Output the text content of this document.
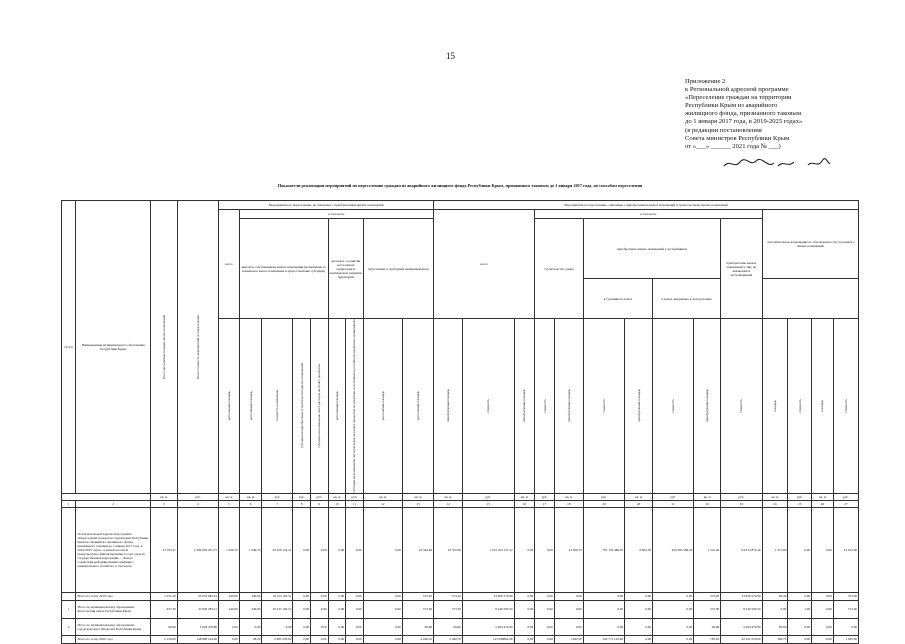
15
Приложение 2
к Региональной адресной программе
«Переселение граждан на территории
Республики Крым из аварийного
жилищного фонда, признанного таковым
до 1 января 2017 года, в 2019-2025 годах»
(в редакции постановления
Совета министров Республики Крым
от «___» ______ 2021 года № ___)
Показатели реализации мероприятий по переселению граждан из аварийного жилищного фонда Республики Крым, признанного таковым до 1 января 2017 года, по способам переселения
№ п/п	Наименование муниципального образования Республики Крым	Всего расселяемая площадь жилых помещений	Всего стоимость мероприятий по переселению	Мероприятия по переселению, не связанные с приобретением жилых помещений									Мероприятия по переселению, связанные с приобретением жилых помещений (строительством) жилых помещений													
				всего	в том числе								всего			в том числе							дополнительное возмещение не обеспеченное (построенных) жилых помещений			
					выплаты собственникам жилых помещений (возмещение за изымаемое жилое помещение и предоставление субсидий)				договоры о развитии застроенной территории и комплексном развитии территорий		переселение в свободный жилищный фонд					строительство домов		приобретение жилых помещений у застройщиков				приобретение жилых помещений у лиц, не являющихся застройщиками				
																		в строящихся домах		в домах, введенных в эксплуатацию						

				расселяемая площадь	расселяемая площадь	стоимость возмещения	субсидии на приобретение (строительство) жилых помещений	субсидии на возмещение части расходов на уплату процентов	расселяемая площадь	субсидии на возмещение части расходов на уплату процентов по кредитам, полученным в российских кредитных организациях	расселяемая площадь	расселяемая площадь	приобретаемая площадь	стоимость	приобретаемая площадь	стоимость	приобретаемая площадь	стоимость	приобретаемая площадь	стоимость	приобретаемая площадь	стоимость	площадь	стоимость	площадь	стоимость

		кв. м	руб.	кв. м	кв. м	руб.	руб.	руб.	кв. м	руб.	кв. м	кв. м	кв. м	руб.	кв. м	руб.	кв. м	руб.	кв. м	руб.	кв. м	руб.	кв. м	руб.	кв. м	руб.
1	2	3	4	5	6	7	8	9	10	11	12	13	14	15	16	17	18	19	20	21	22	23	24	25	26	27
	По Региональной адресной программе «Переселение граждан на территории Республики Крым из аварийного жилищного фонда, признанного таковым до 1 января 2017 года, в 2019-2025 годах», в рамках которой предусмотрено финансирование за счет средств государственной корпорации — Фонда содействия реформированию жилищно-коммунального хозяйства, в том числе:	23 795,21	2 389 904 291,75	1 049,70	1 049,70	39 220 124,21	0,00	0,00	0,00	0,00	0,00	22 344,96	22 372,40	1 233 104 137,54	0,00	0,00	13 508,70	781 150 480,95	8 602,50	429 393 568,50	1 210,40	64 814 872,20	1 315,60	0,00	0,00	14 012,00
	Всего по этапу 2019 года	1 031,20	53 053 682,61	340,00	340,00	19 233 102,51	0,00	0,00	0,00	0,00	0,00	573,20	573,20	33 820 579,90	0,00	0,00	0,00	0,00	0,00	0,00	573,20	33 820 579,90	69,40	0,00	0,00	373,30
1	Итого по муниципальному образованию Белогорский район Республики Крым	937,30	47 959 283,21	340,00	340,00	19 233 102,51	0,00	0,00	0,00	0,00	0,00	573,30	573,30	8 249 599,50	0,00	0,00	0,00	0,00	0,00	0,00	573,30	8 249 599,50	0,00	1,00	0,00	373,00
2	Итого по муниципальному образованию городской округ Феодосия Республики Крым	99,90	5 094 479,80	2,69	0,00	0,00	0,00	0,00	0,00	0,00	0,00	99,90	99,90	5 094 479,80	0,00	0,00	0,00	0,00	0,00	0,00	99,90	5 094 479,80	99,90	0,00	0,00	0,00
	Всего по этапу 2020 года	2 156,00	148 806 104,90	2,00	28,20	2 985 203,00	0,00	2,00	0,00	0,00	0,00	2 246,10	2 426,70	143 098864,90	0,00	0,00	1 642,50	100 773 143,00	0,00	0,00	783,92	42 291 050,00	360,75	0,00	6,00	1 485,30
